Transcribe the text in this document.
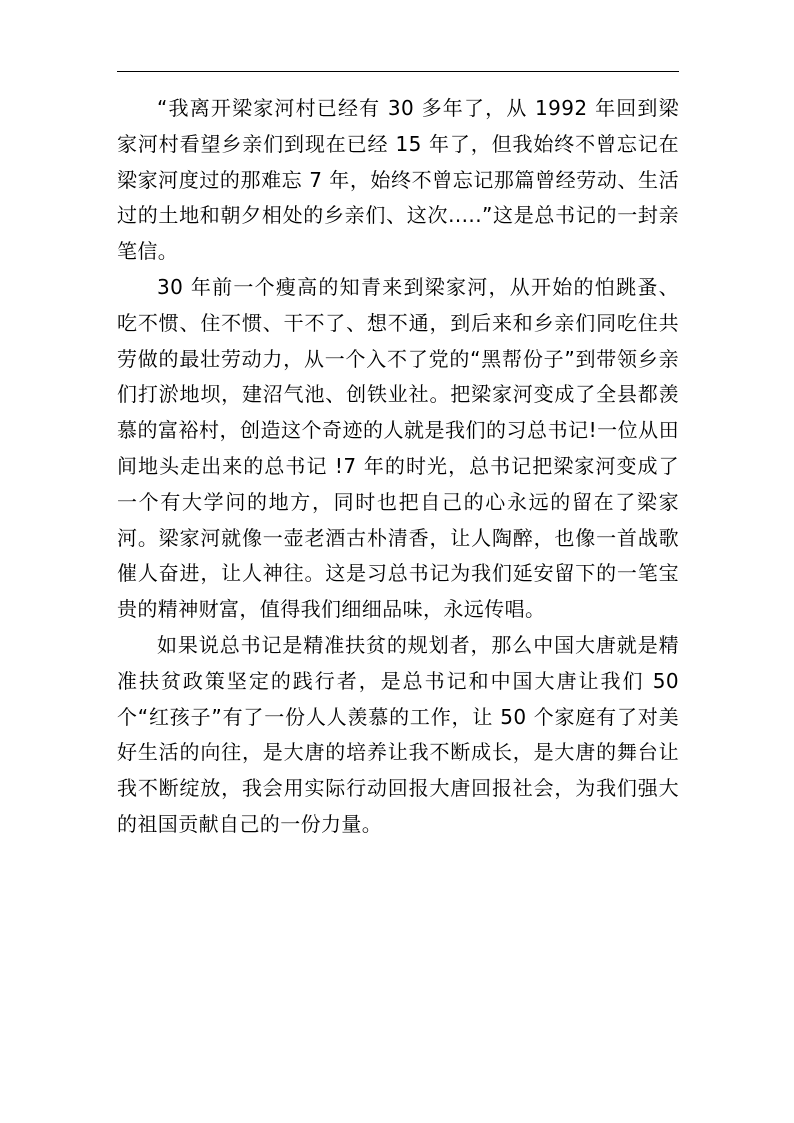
“我离开梁家河村已经有 30 多年了，从 1992 年回到梁家河村看望乡亲们到现在已经 15 年了，但我始终不曾忘记在梁家河度过的那难忘 7 年，始终不曾忘记那篇曾经劳动、生活过的土地和朝夕相处的乡亲们、这次.....”这是总书记的一封亲笔信。

30 年前一个瘦高的知青来到梁家河，从开始的怕跳蚤、吃不惯、住不惯、干不了、想不通，到后来和乡亲们同吃住共劳做的最壮劳动力，从一个入不了党的“黑帮份子”到带领乡亲们打淤地坝，建沼气池、创铁业社。把梁家河变成了全县都羡慕的富裕村，创造这个奇迹的人就是我们的习总书记!一位从田间地头走出来的总书记 !7 年的时光，总书记把梁家河变成了一个有大学问的地方，同时也把自己的心永远的留在了梁家河。梁家河就像一壶老酒古朴清香，让人陶醉，也像一首战歌催人奋进，让人神往。这是习总书记为我们延安留下的一笔宝贵的精神财富，值得我们细细品味，永远传唱。

如果说总书记是精准扶贫的规划者，那么中国大唐就是精准扶贫政策坚定的践行者，是总书记和中国大唐让我们 50 个“红孩子”有了一份人人羡慕的工作，让 50 个家庭有了对美好生活的向往，是大唐的培养让我不断成长，是大唐的舞台让我不断绽放，我会用实际行动回报大唐回报社会，为我们强大的祖国贡献自己的一份力量。
